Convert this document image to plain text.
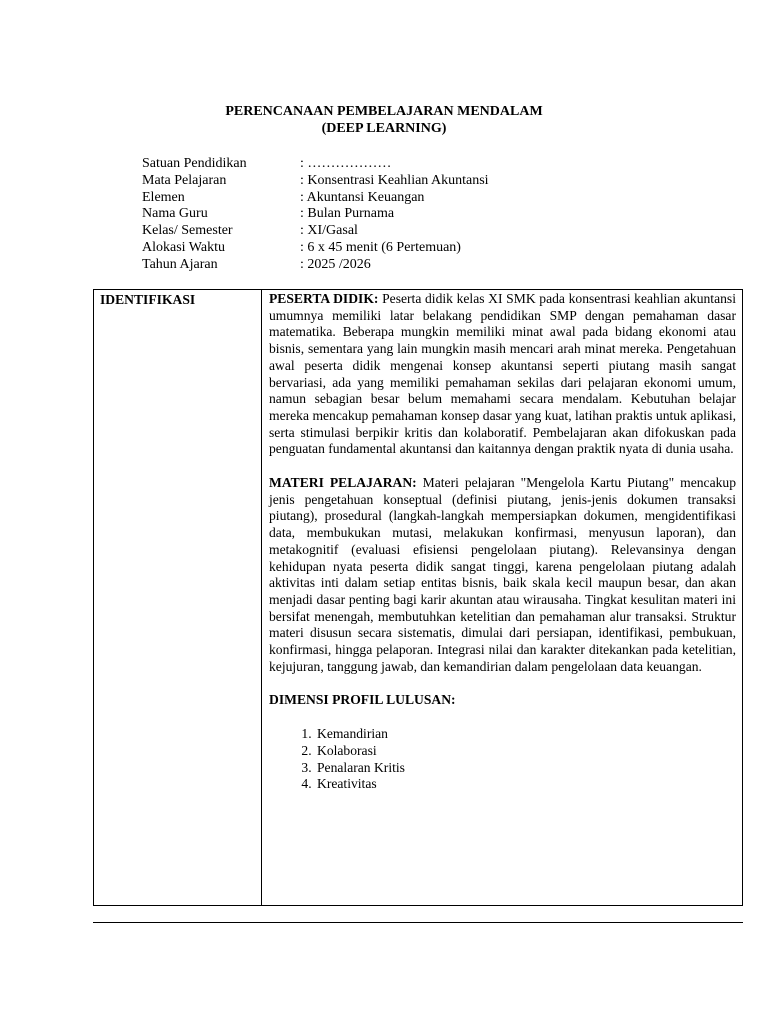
PERENCANAAN PEMBELAJARAN MENDALAM
(DEEP LEARNING)
Satuan Pendidikan	: ………………
Mata Pelajaran	: Konsentrasi Keahlian Akuntansi
Elemen	: Akuntansi Keuangan
Nama Guru	: Bulan Purnama
Kelas/ Semester	: XI/Gasal
Alokasi Waktu	: 6 x 45 menit (6 Pertemuan)
Tahun Ajaran	: 2025 /2026
IDENTIFIKASI	PESERTA DIDIK: Peserta didik kelas XI SMK pada konsentrasi keahlian akuntansi umumnya memiliki latar belakang pendidikan SMP dengan pemahaman dasar matematika. Beberapa mungkin memiliki minat awal pada bidang ekonomi atau bisnis, sementara yang lain mungkin masih mencari arah minat mereka. Pengetahuan awal peserta didik mengenai konsep akuntansi seperti piutang masih sangat bervariasi, ada yang memiliki pemahaman sekilas dari pelajaran ekonomi umum, namun sebagian besar belum memahami secara mendalam. Kebutuhan belajar mereka mencakup pemahaman konsep dasar yang kuat, latihan praktis untuk aplikasi, serta stimulasi berpikir kritis dan kolaboratif. Pembelajaran akan difokuskan pada penguatan fundamental akuntansi dan kaitannya dengan praktik nyata di dunia usaha.

MATERI PELAJARAN: Materi pelajaran "Mengelola Kartu Piutang" mencakup jenis pengetahuan konseptual (definisi piutang, jenis-jenis dokumen transaksi piutang), prosedural (langkah-langkah mempersiapkan dokumen, mengidentifikasi data, membukukan mutasi, melakukan konfirmasi, menyusun laporan), dan metakognitif (evaluasi efisiensi pengelolaan piutang). Relevansinya dengan kehidupan nyata peserta didik sangat tinggi, karena pengelolaan piutang adalah aktivitas inti dalam setiap entitas bisnis, baik skala kecil maupun besar, dan akan menjadi dasar penting bagi karir akuntan atau wirausaha. Tingkat kesulitan materi ini bersifat menengah, membutuhkan ketelitian dan pemahaman alur transaksi. Struktur materi disusun secara sistematis, dimulai dari persiapan, identifikasi, pembukuan, konfirmasi, hingga pelaporan. Integrasi nilai dan karakter ditekankan pada ketelitian, kejujuran, tanggung jawab, dan kemandirian dalam pengelolaan data keuangan.

DIMENSI PROFIL LULUSAN:

1. Kemandirian
2. Kolaborasi
3. Penalaran Kritis
4. Kreativitas
